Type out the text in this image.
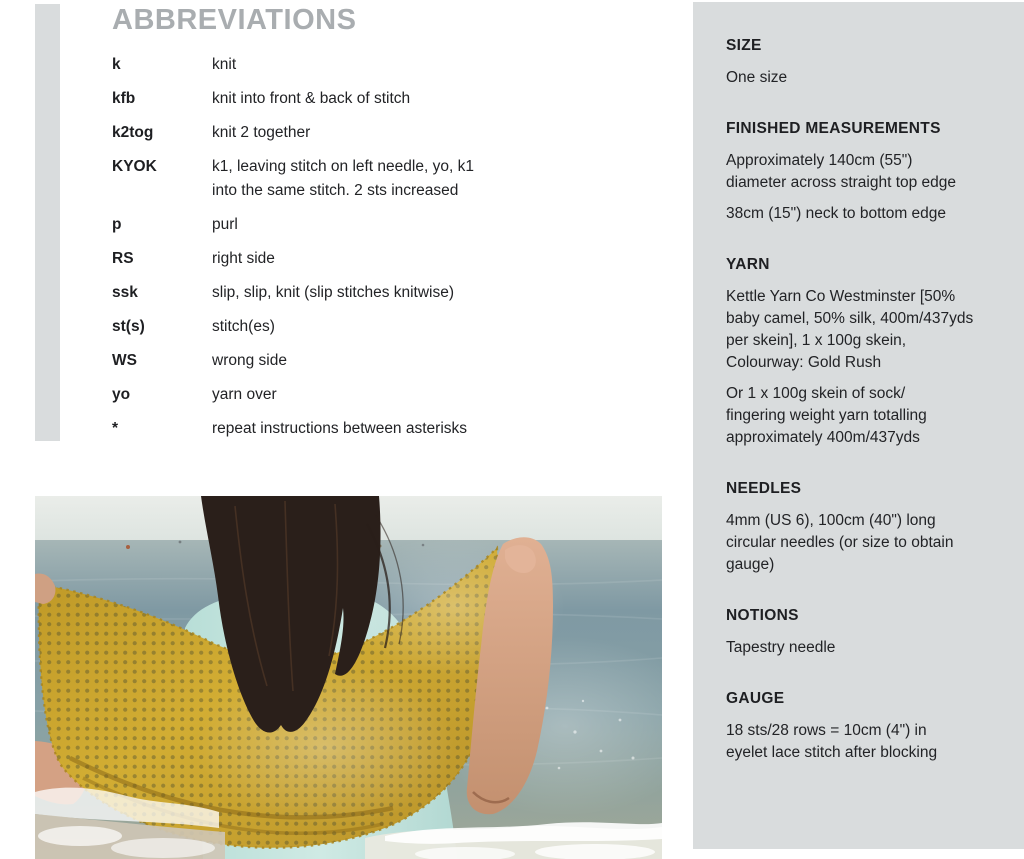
ABBREVIATIONS
k	knit
kfb	knit into front & back of stitch
k2tog	knit 2 together
KYOK	k1, leaving stitch on left needle, yo, k1 into the same stitch. 2 sts increased
p	purl
RS	right side
ssk	slip, slip, knit (slip stitches knitwise)
st(s)	stitch(es)
WS	wrong side
yo	yarn over
*	repeat instructions between asterisks
SIZE
One size
FINISHED MEASUREMENTS
Approximately 140cm (55")
diameter across straight top edge
38cm (15") neck to bottom edge
YARN
Kettle Yarn Co Westminster [50%
baby camel, 50% silk, 400m/437yds
per skein], 1 x 100g skein,
Colourway: Gold Rush
Or 1 x 100g skein of sock/
fingering weight yarn totalling
approximately 400m/437yds
NEEDLES
4mm (US 6), 100cm (40") long
circular needles (or size to obtain
gauge)
NOTIONS
Tapestry needle
GAUGE
18 sts/28 rows = 10cm (4") in
eyelet lace stitch after blocking
